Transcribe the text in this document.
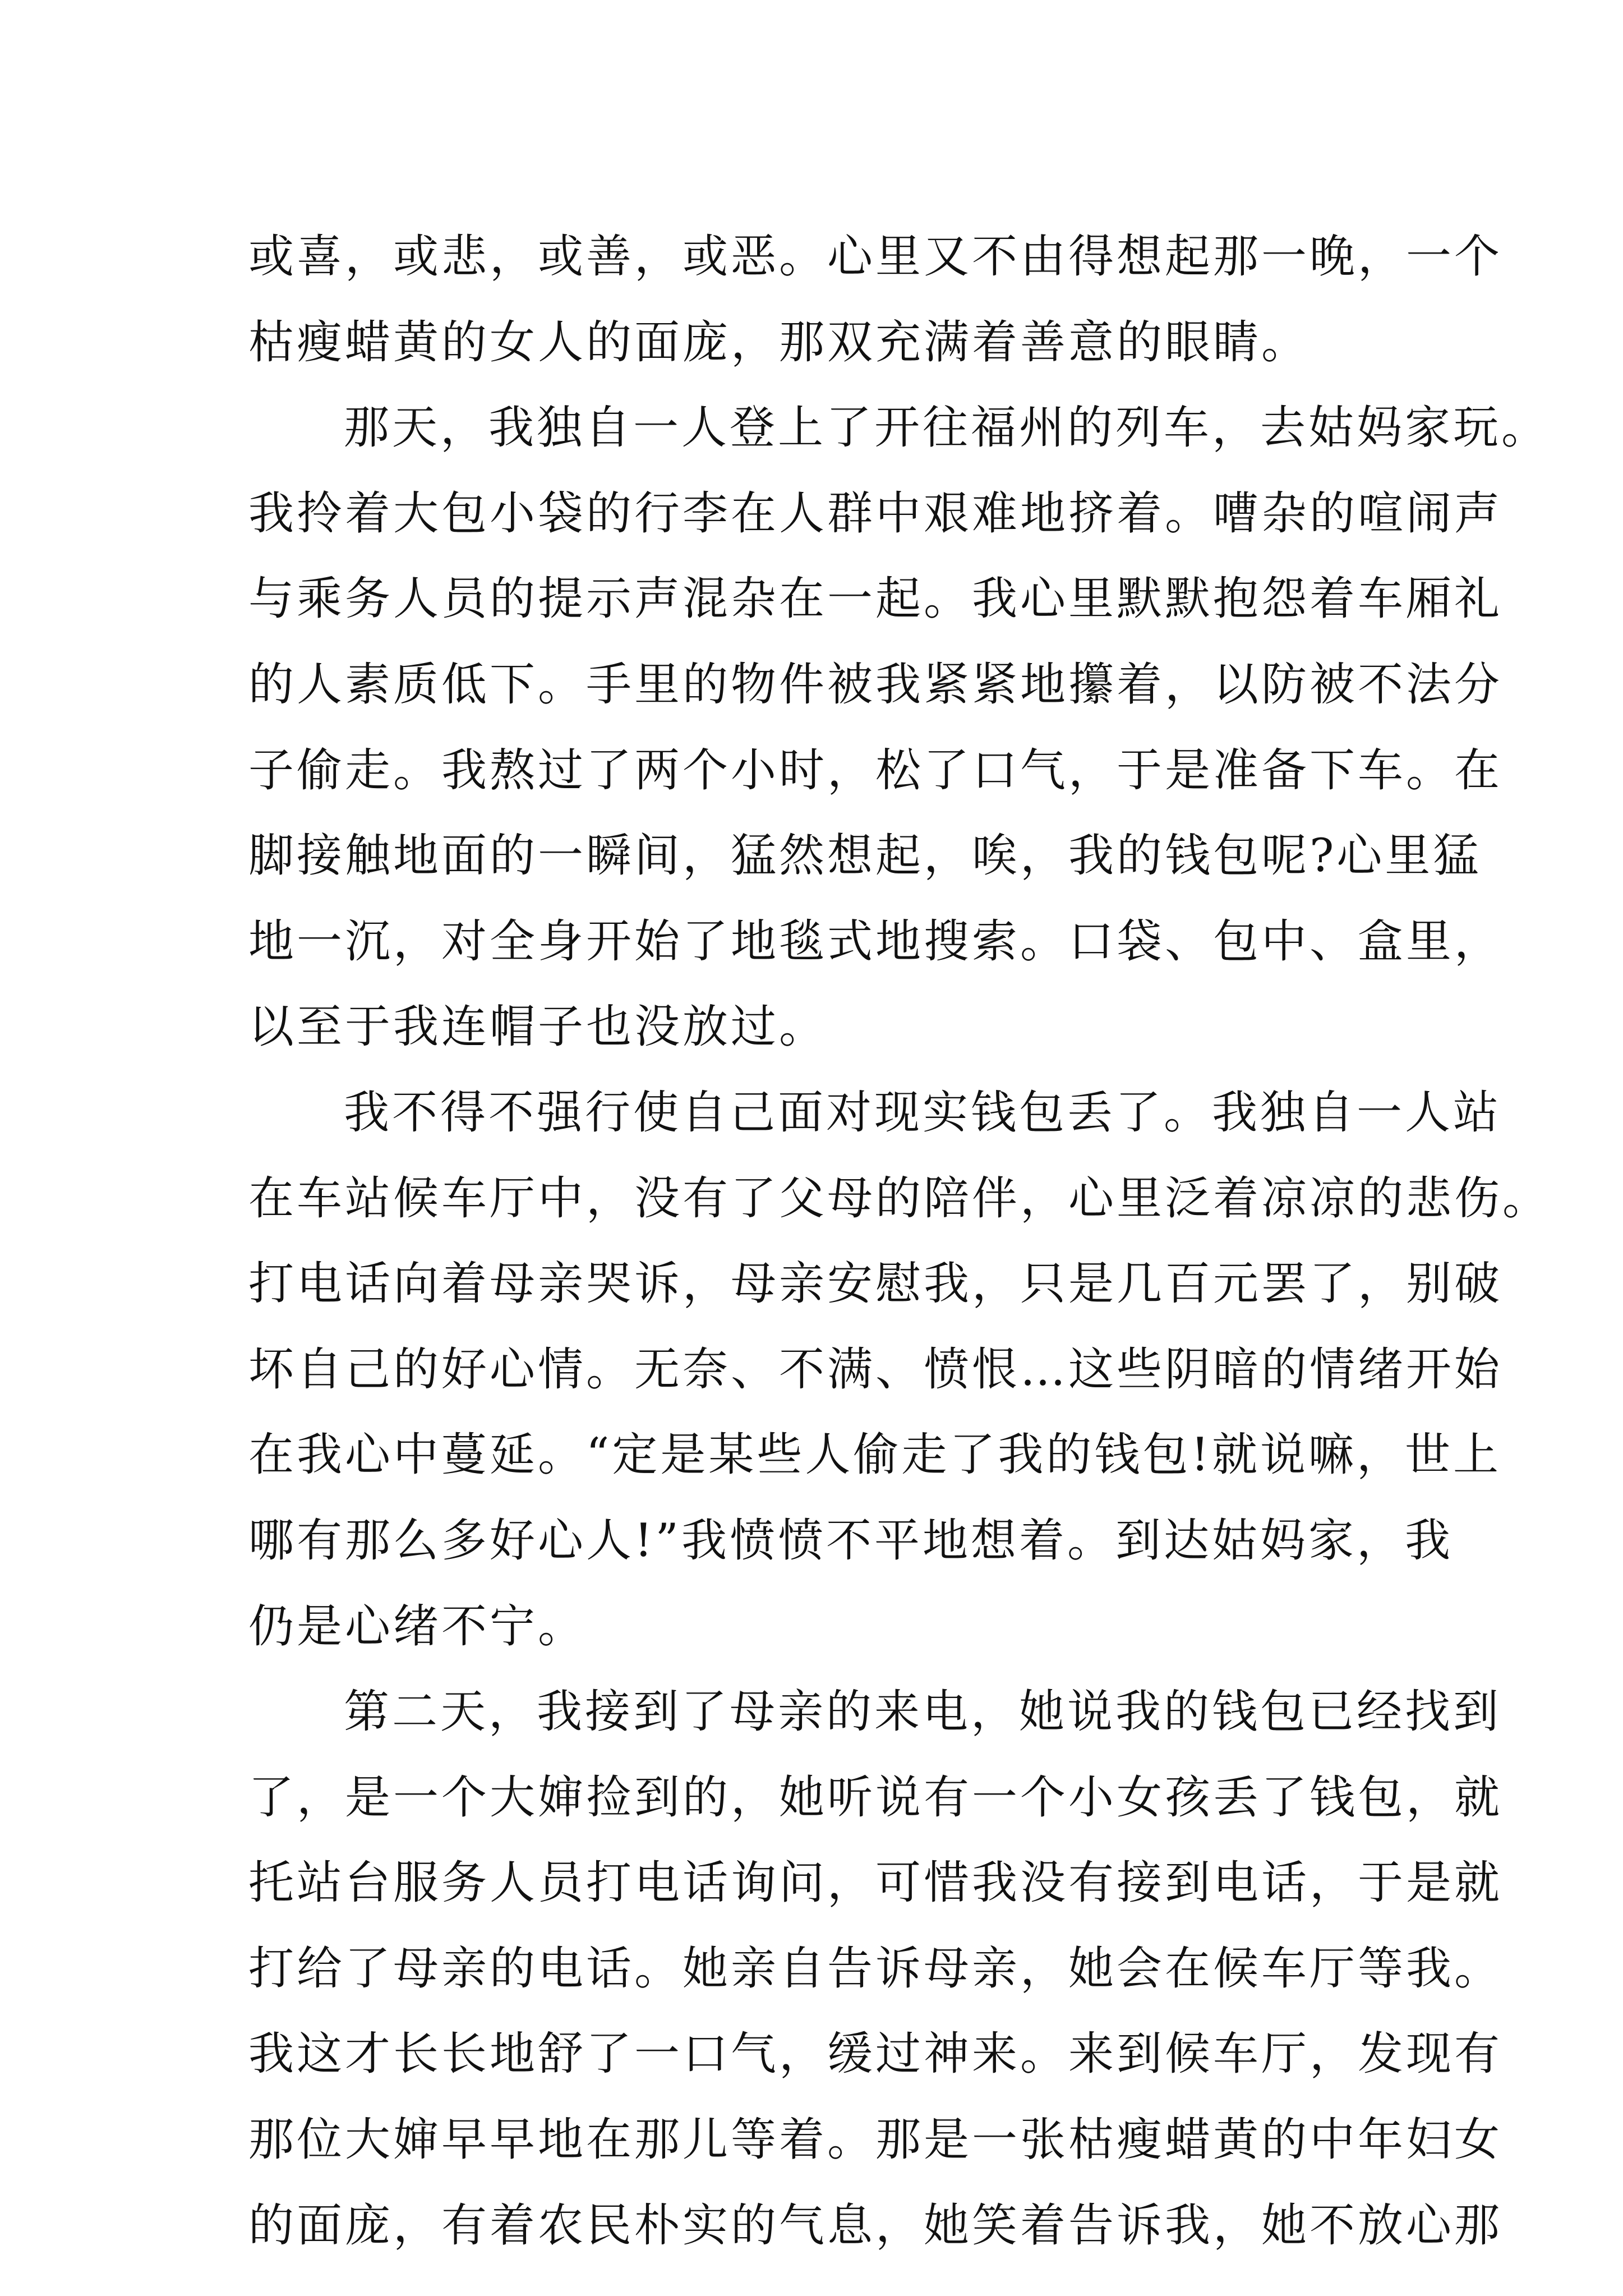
或喜，或悲，或善，或恶。心里又不由得想起那一晚，一个
枯瘦蜡黄的女人的面庞，那双充满着善意的眼睛。
那天，我独自一人登上了开往福州的列车，去姑妈家玩。
我拎着大包小袋的行李在人群中艰难地挤着。嘈杂的喧闹声
与乘务人员的提示声混杂在一起。我心里默默抱怨着车厢礼
的人素质低下。手里的物件被我紧紧地攥着，以防被不法分
子偷走。我熬过了两个小时，松了口气，于是准备下车。在
脚接触地面的一瞬间，猛然想起，唉，我的钱包呢?心里猛
地一沉，对全身开始了地毯式地搜索。口袋、包中、盒里，
以至于我连帽子也没放过。
我不得不强行使自己面对现实钱包丢了。我独自一人站
在车站候车厅中，没有了父母的陪伴，心里泛着凉凉的悲伤。
打电话向着母亲哭诉，母亲安慰我，只是几百元罢了，别破
坏自己的好心情。无奈、不满、愤恨…这些阴暗的情绪开始
在我心中蔓延。“定是某些人偷走了我的钱包!就说嘛，世上
哪有那么多好心人!”我愤愤不平地想着。到达姑妈家，我
仍是心绪不宁。
第二天，我接到了母亲的来电，她说我的钱包已经找到
了，是一个大婶捡到的，她听说有一个小女孩丢了钱包，就
托站台服务人员打电话询问，可惜我没有接到电话，于是就
打给了母亲的电话。她亲自告诉母亲，她会在候车厅等我。
我这才长长地舒了一口气，缓过神来。来到候车厅，发现有
那位大婶早早地在那儿等着。那是一张枯瘦蜡黄的中年妇女
的面庞，有着农民朴实的气息，她笑着告诉我，她不放心那
